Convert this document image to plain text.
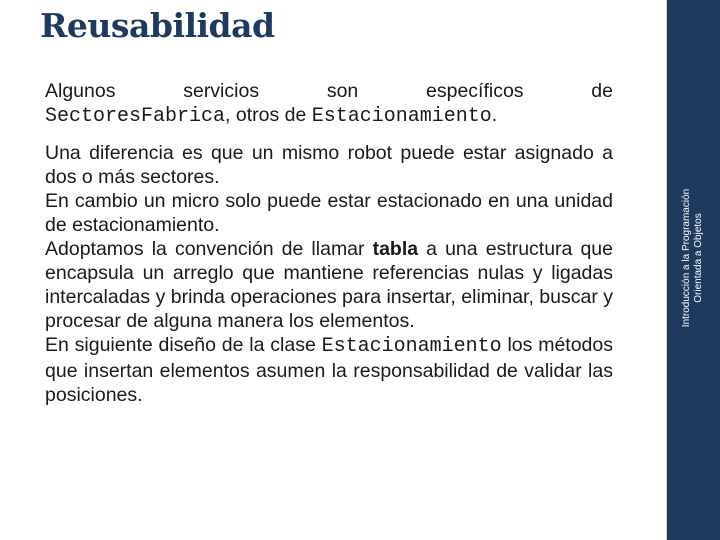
Reusabilidad

Algunos servicios son específicos de
SectoresFabrica, otros de Estacionamiento.

Una diferencia es que un mismo robot puede estar asignado a dos o más sectores.

En cambio un micro solo puede estar estacionado en una unidad de estacionamiento.

Adoptamos la convención de llamar tabla a una estructura que encapsula un arreglo que mantiene referencias nulas y ligadas intercaladas y brinda operaciones para insertar, eliminar, buscar y procesar de alguna manera los elementos.

En siguiente diseño de la clase Estacionamiento los métodos que insertan elementos asumen la responsabilidad de validar las posiciones.

Introducción a la Programación Orientada a Objetos
